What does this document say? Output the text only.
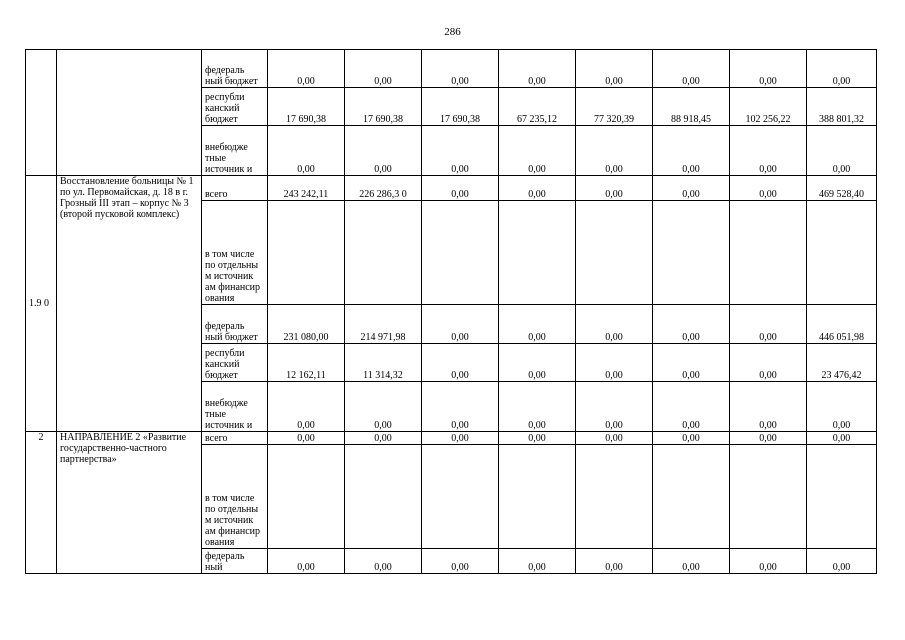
286
		федераль ный бюджет	0,00	0,00	0,00	0,00	0,00	0,00	0,00	0,00
		республи канский бюджет	17 690,38	17 690,38	17 690,38	67 235,12	77 320,39	88 918,45	102 256,22	388 801,32
		внебюдже тные источник и	0,00	0,00	0,00	0,00	0,00	0,00	0,00	0,00
1.9 0	Восстановление больницы № 1 по ул. Первомайская, д. 18 в г. Грозный III этап – корпус № 3 (второй пусковой комплекс)	всего	243 242,11	226 286,3 0	0,00	0,00	0,00	0,00	0,00	469 528,40
		в том числе по отдельны м источник ам финансир ования								
		федераль ный бюджет	231 080,00	214 971,98	0,00	0,00	0,00	0,00	0,00	446 051,98
		республи канский бюджет	12 162,11	11 314,32	0,00	0,00	0,00	0,00	0,00	23 476,42
		внебюдже тные источник и	0,00	0,00	0,00	0,00	0,00	0,00	0,00	0,00
2	НАПРАВЛЕНИЕ 2 «Развитие государственно-частного партнерства»	всего	0,00	0,00	0,00	0,00	0,00	0,00	0,00	0,00
		в том числе по отдельны м источник ам финансир ования								
		федераль ный	0,00	0,00	0,00	0,00	0,00	0,00	0,00	0,00
